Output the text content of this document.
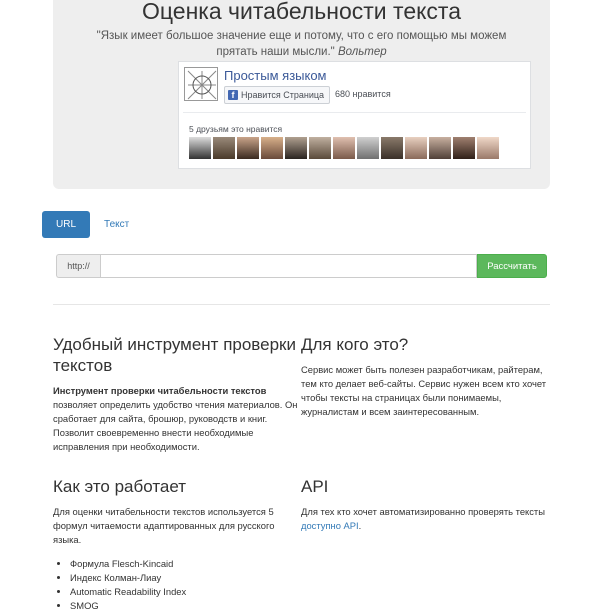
Оценка читабельности текста
"Язык имеет большое значение еще и потому, что с его помощью мы можем прятать наши мысли." Вольтер
Простым языком
f Нравится Страница 680 нравится
5 друзьям это нравится
URL	Текст
http://	Рассчитать
Удобный инструмент проверки текстов

Инструмент проверки читабельности текстов позволяет определить удобство чтения материалов. Он сработает для сайта, брошюр, руководств и книг. Позволит своевременно внести необходимые исправления при необходимости.

Для кого это?

Сервис может быть полезен разработчикам, райтерам, тем кто делает веб-сайты. Сервис нужен всем кто хочет чтобы тексты на страницах были понимаемы, журналистам и всем заинтересованным.

Как это работает

Для оценки читабельности текстов используется 5 формул читаемости адаптированных для русского языка.

• Формула Flesch-Kincaid
• Индекс Колман-Лиау
• Automatic Readability Index
• SMOG
API

Для тех кто хочет автоматизированно проверять тексты доступно API.
